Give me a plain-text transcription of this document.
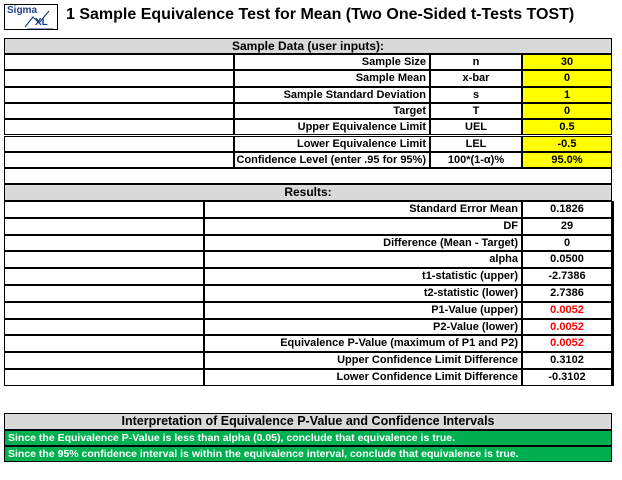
Sigma
XL 1 Sample Equivalence Test for Mean (Two One-Sided t-Tests TOST)
Sample Data (user inputs):
Sample Size	n	30
Sample Mean	x-bar	0
Sample Standard Deviation	s	1
Target	T	0
Upper Equivalence Limit	UEL	0.5
Lower Equivalence Limit	LEL	-0.5
Confidence Level (enter .95 for 95%)	100*(1-α)%	95.0%
Results:
Standard Error Mean	0.1826
DF	29
Difference (Mean - Target)	0
alpha	0.0500
t1-statistic (upper)	-2.7386
t2-statistic (lower)	2.7386
P1-Value (upper)	0.0052
P2-Value (lower)	0.0052
Equivalence P-Value (maximum of P1 and P2)	0.0052
Upper Confidence Limit Difference	0.3102
Lower Confidence Limit Difference	-0.3102
Interpretation of Equivalence P-Value and Confidence Intervals
Since the Equivalence P-Value is less than alpha (0.05), conclude that equivalence is true.
Since the 95% confidence interval is within the equivalence interval, conclude that equivalence is true.
